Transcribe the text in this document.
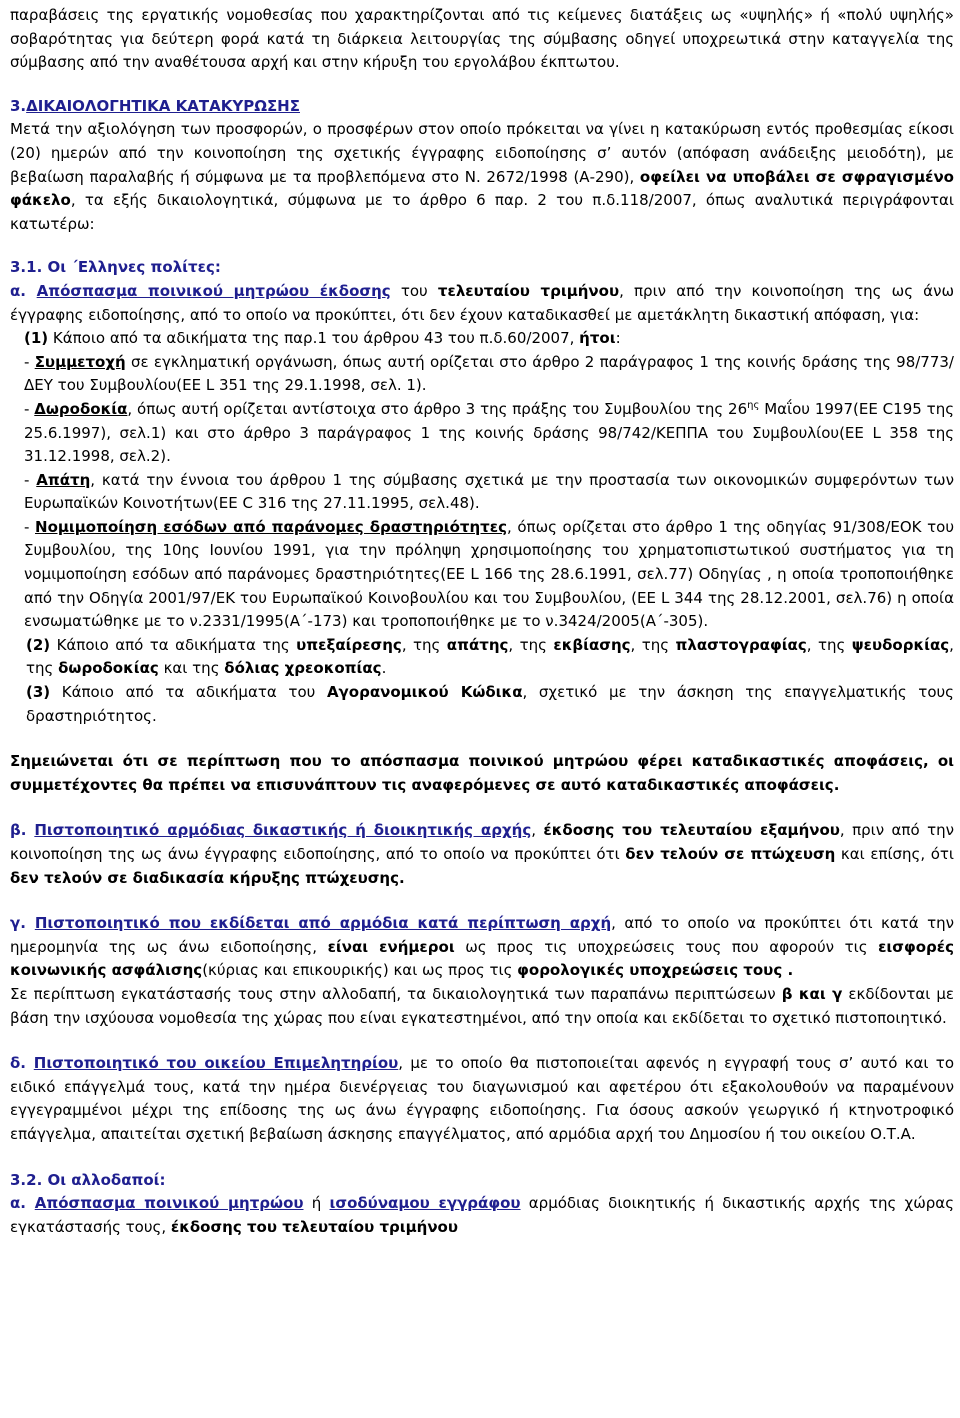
παραβάσεις της εργατικής νομοθεσίας που χαρακτηρίζονται από τις κείμενες διατάξεις ως «υψηλής» ή «πολύ υψηλής» σοβαρότητας για δεύτερη φορά κατά τη διάρκεια λειτουργίας της σύμβασης οδηγεί υποχρεωτικά στην καταγγελία της σύμβασης από την αναθέτουσα αρχή και στην κήρυξη του εργολάβου έκπτωτου.

3.ΔΙΚΑΙΟΛΟΓΗΤΙΚΑ ΚΑΤΑΚΥΡΩΣΗΣ

Μετά την αξιολόγηση των προσφορών, ο προσφέρων στον οποίο πρόκειται να γίνει η κατακύρωση εντός προθεσμίας είκοσι (20) ημερών από την κοινοποίηση της σχετικής έγγραφης ειδοποίησης σ’ αυτόν (απόφαση ανάδειξης μειοδότη), με βεβαίωση παραλαβής ή σύμφωνα με τα προβλεπόμενα στο Ν. 2672/1998 (Α-290), οφείλει να υποβάλει σε σφραγισμένο φάκελο, τα εξής δικαιολογητικά, σύμφωνα με το άρθρο 6 παρ. 2 του π.δ.118/2007, όπως αναλυτικά περιγράφονται κατωτέρω:

3.1. Οι ΄Ελληνες πολίτες:

α. Απόσπασμα ποινικού μητρώου έκδοσης του τελευταίου τριμήνου, πριν από την κοινοποίηση της ως άνω έγγραφης ειδοποίησης, από το οποίο να προκύπτει, ότι δεν έχουν καταδικασθεί με αμετάκλητη δικαστική απόφαση, για:

(1) Κάποιο από τα αδικήματα της παρ.1 του άρθρου 43 του π.δ.60/2007, ήτοι:

- Συμμετοχή σε εγκληματική οργάνωση, όπως αυτή ορίζεται στο άρθρο 2 παράγραφος 1 της κοινής δράσης της 98/773/ΔΕΥ του Συμβουλίου(ΕΕ L 351 της 29.1.1998, σελ. 1).

- Δωροδοκία, όπως αυτή ορίζεται αντίστοιχα στο άρθρο 3 της πράξης του Συμβουλίου της $26^{\eta\varsigma}$ Μαΐου 1997(ΕΕ C195 της 25.6.1997), σελ.1) και στο άρθρο 3 παράγραφος 1 της κοινής δράσης 98/742/ΚΕΠΠΑ του Συμβουλίου(ΕΕ L 358 της 31.12.1998, σελ.2).

- Απάτη, κατά την έννοια του άρθρου 1 της σύμβασης σχετικά με την προστασία των οικονομικών συμφερόντων των Ευρωπαϊκών Κοινοτήτων(ΕΕ C 316 της 27.11.1995, σελ.48).

- Νομιμοποίηση εσόδων από παράνομες δραστηριότητες, όπως ορίζεται στο άρθρο 1 της οδηγίας 91/308/ΕΟΚ του Συμβουλίου, της 10ης Ιουνίου 1991, για την πρόληψη χρησιμοποίησης του χρηματοπιστωτικού συστήματος για τη νομιμοποίηση εσόδων από παράνομες δραστηριότητες(ΕΕ L 166 της 28.6.1991, σελ.77) Οδηγίας , η οποία τροποποιήθηκε από την Οδηγία 2001/97/ΕΚ του Ευρωπαϊκού Κοινοβουλίου και του Συμβουλίου, (ΕΕ L 344 της 28.12.2001, σελ.76) η οποία ενσωματώθηκε με το ν.2331/1995(Α΄-173) και τροποποιήθηκε με το ν.3424/2005(Α΄-305).

(2) Κάποιο από τα αδικήματα της υπεξαίρεσης, της απάτης, της εκβίασης, της πλαστογραφίας, της ψευδορκίας, της δωροδοκίας και της δόλιας χρεοκοπίας.

(3) Κάποιο από τα αδικήματα του Αγορανομικού Κώδικα, σχετικό με την άσκηση της επαγγελματικής τους δραστηριότητος.

Σημειώνεται ότι σε περίπτωση που το απόσπασμα ποινικού μητρώου φέρει καταδικαστικές αποφάσεις, οι συμμετέχοντες θα πρέπει να επισυνάπτουν τις αναφερόμενες σε αυτό καταδικαστικές αποφάσεις.

β. Πιστοποιητικό αρμόδιας δικαστικής ή διοικητικής αρχής, έκδοσης του τελευταίου εξαμήνου, πριν από την κοινοποίηση της ως άνω έγγραφης ειδοποίησης, από το οποίο να προκύπτει ότι δεν τελούν σε πτώχευση και επίσης, ότι δεν τελούν σε διαδικασία κήρυξης πτώχευσης.

γ. Πιστοποιητικό που εκδίδεται από αρμόδια κατά περίπτωση αρχή, από το οποίο να προκύπτει ότι κατά την ημερομηνία της ως άνω ειδοποίησης, είναι ενήμεροι ως προς τις υποχρεώσεις τους που αφορούν τις εισφορές κοινωνικής ασφάλισης(κύριας και επικουρικής) και ως προς τις φορολογικές υποχρεώσεις τους .

Σε περίπτωση εγκατάστασής τους στην αλλοδαπή, τα δικαιολογητικά των παραπάνω περιπτώσεων β και γ εκδίδονται με βάση την ισχύουσα νομοθεσία της χώρας που είναι εγκατεστημένοι, από την οποία και εκδίδεται το σχετικό πιστοποιητικό.

δ. Πιστοποιητικό του οικείου Επιμελητηρίου, με το οποίο θα πιστοποιείται αφενός η εγγραφή τους σ’ αυτό και το ειδικό επάγγελμά τους, κατά την ημέρα διενέργειας του διαγωνισμού και αφετέρου ότι εξακολουθούν να παραμένουν εγγεγραμμένοι μέχρι της επίδοσης της ως άνω έγγραφης ειδοποίησης. Για όσους ασκούν γεωργικό ή κτηνοτροφικό επάγγελμα, απαιτείται σχετική βεβαίωση άσκησης επαγγέλματος, από αρμόδια αρχή του Δημοσίου ή του οικείου Ο.Τ.Α.

3.2. Οι αλλοδαποί:

α. Απόσπασμα ποινικού μητρώου ή ισοδύναμου εγγράφου αρμόδιας διοικητικής ή δικαστικής αρχής της χώρας εγκατάστασής τους, έκδοσης του τελευταίου τριμήνου
